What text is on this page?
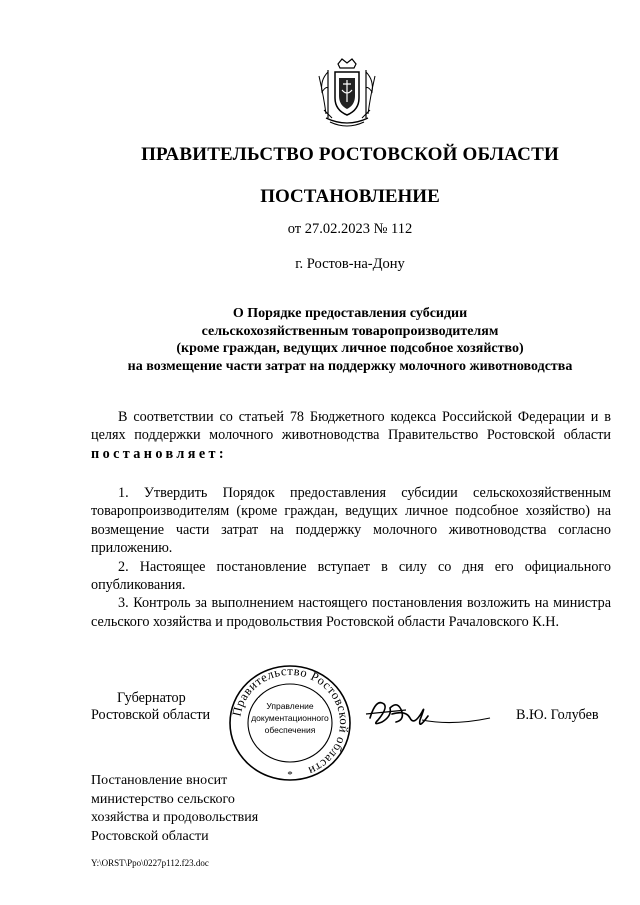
ПРАВИТЕЛЬСТВО РОСТОВСКОЙ ОБЛАСТИ
ПОСТАНОВЛЕНИЕ
от 27.02.2023 № 112
г. Ростов-на-Дону
О Порядке предоставления субсидии
сельскохозяйственным товаропроизводителям
(кроме граждан, ведущих личное подсобное хозяйство)
на возмещение части затрат на поддержку молочного животноводства

В соответствии со статьей 78 Бюджетного кодекса Российской Федерации и в целях поддержки молочного животноводства Правительство Ростовской области постановляет:

1. Утвердить Порядок предоставления субсидии сельскохозяйственным товаропроизводителям (кроме граждан, ведущих личное подсобное хозяйство) на возмещение части затрат на поддержку молочного животноводства согласно приложению.

2. Настоящее постановление вступает в силу со дня его официального опубликования.

3. Контроль за выполнением настоящего постановления возложить на министра сельского хозяйства и продовольствия Ростовской области Рачаловского К.Н.

Губернатор
Ростовской области Правительство Ростовской области
Управление
документационного
обеспечения
*
В.Ю. Голубев
Постановление вносит
министерство сельского
хозяйства и продовольствия
Ростовской области
Y:\ORST\Ppo\0227p112.f23.doc
